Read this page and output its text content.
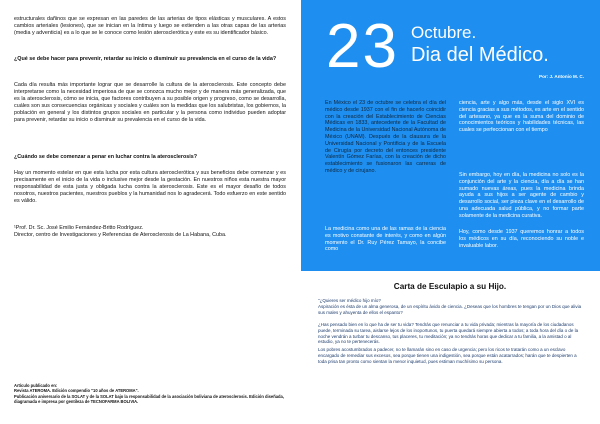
estructurales dañinos que se expresan en las paredes de las arterias de tipos elásticas y musculares. A estos cambios arteriales (lesiones), que se inician en la íntima y luego se extienden a las otras capas de las arterias (media y adventicia) es a lo que se le conoce como lesión aterosclerótica y este es su identificador básico.

¿Qué se debe hacer para prevenir, retardar su inicio o disminuir su prevalencia en el curso de la vida?

Cada día resulta más importante lograr que se desarrolle la cultura de la aterosclerosis. Este concepto debe interpretarse como la necesidad imperiosa de que se conozca mucho mejor y de manera más generalizada, que es la aterosclerosis, cómo se inicia, que factores contribuyen a su posible origen y progreso, como se desarrolla, cuáles son sus consecuencias orgánicas y sociales y cuáles son la medidas que los salubristas, los gobiernos, la población en general y los distintos grupos sociales en particular y la persona como individuo pueden adoptar para prevenir, retardar su inicio o disminuir su prevalencia en el curso de la vida.

¿Cuándo se debe comenzar a penar en luchar contra la aterosclerosis?

Hay un momento estelar en que esta lucha por esta cultura aterosclerótica y sus beneficios debe comenzar y es precisamente en el inicio de la vida o inclusive mejor desde la gestación. En nuestros niños esta nuestra mayor responsabilidad de esta justa y obligada lucha contra la aterosclerosis. Este es el mayor desafío de todos nosotros, nuestros pacientes, nuestros pueblos y la humanidad nos lo agradecerá. Todo esfuerzo en este sentido es válido.

¹Prof. Dr. Sc. José Emilio Fernández-Britto Rodríguez.
Director, centro de Investigaciones y Referencias de Aterosclerosis de La Habana, Cuba.

Artículo publicado en:
Revista ATEROMA. Edición compendio "10 años de ATEROMA".
Publicación aniversario de la SOLAT y de la SOLAT bajo la responsabilidad de la asociación boliviana de aterosclerosis. Edición diseñada, diagramada e impresa por gentileza de TECNOFARMA BOLIVIA.

23 Octubre.
Dia del Médico.
Por: J. Antonio M. C.

En México el 23 de octubre se celebra el día del médico desde 1937 con el fin de hacerlo coincidir con la creación del Establecimiento de Ciencias Médicas en 1833, antecedente de la Facultad de Medicina de la Universidad Nacional Autónoma de México (UNAM). Después de la clausura de la Universidad Nacional y Pontificia y de la Escuela de Cirugía por decreto del entonces presidente Valentín Gómez Farías, con la creación de dicho establecimiento se fusionaron las carreras de médico y de cirujano.

La medicina como una de las ramas de la ciencia es motivo constante de interés, y como en algún momento el Dr. Ruy Pérez Tamayo, la concibe como

ciencia, arte y algo más, desde el siglo XVI es ciencia gracias a sus métodos, es arte en el sentido del artesano, ya que es la suma del dominio de conocimientos teóricos y habilidades técnicas, las cuales se perfeccionan con el tiempo

Sin embargo, hoy en día, la medicina no solo es la conjunción del arte y la ciencia, día a día se han sumado nuevas áreas, pues la medicina brinda ayuda a sus hijos a ser agente de cambio y desarrollo social, ser pieza clave en el desarrollo de una adecuada salud pública, y no formar parte solamente de la medicina curativa.

Hoy, como desde 1937 queremos honrar a todos los médicos en su día, reconociendo su noble e invaluable labor.

Carta de Esculapio a su Hijo.

"¿Quieres ser médico hijo mío?

Aspiración es ésta de un alma generosa, de un espíritu ávido de ciencia. ¿Deseas que los hombres te tengan por un Dios que alivia sus males y ahuyenta de ellos el espanto?

¿Has pensado bien en lo que ha de ser tu vida? Tendrás que renunciar a tu vida privada; mientras la mayoría de los ciudadanos puede, terminada su tarea, aislarse lejos de los inoportunos, tu puerta quedará siempre abierta a todos; a toda hora del día o de la noche vendrán a turbar tu descanso, tus placeres, tu meditación; ya no tendrás horas que dedicar a tu familia, a la amistad o al estudio, ya no te pertenecerás.

Los pobres acostumbrados a padecer, no te llamarán sino en caso de urgencia; pero los ricos te tratarán como a un esclavo encargado de remediar sus excesos, sea porque tienen una indigestión, sea porque están acatarrados; harán que te despierten a toda prisa tan pronto como sientan la menor inquietud, pues estiman muchísimo su persona.
